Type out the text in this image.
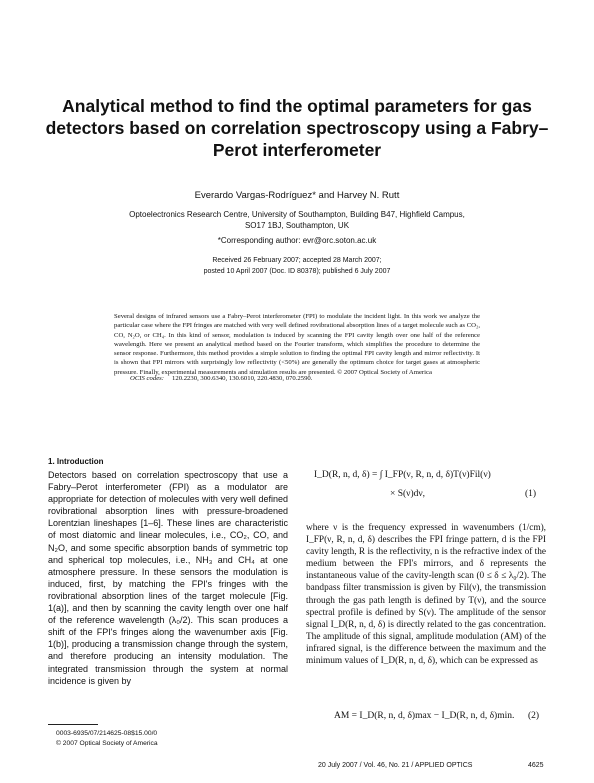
Analytical method to find the optimal parameters for gas detectors based on correlation spectroscopy using a Fabry–Perot interferometer
Everardo Vargas-Rodríguez* and Harvey N. Rutt
Optoelectronics Research Centre, University of Southampton, Building B47, Highfield Campus,
SO17 1BJ, Southampton, UK
*Corresponding author: evr@orc.soton.ac.uk
Received 26 February 2007; accepted 28 March 2007;
posted 10 April 2007 (Doc. ID 80378); published 6 July 2007

Several designs of infrared sensors use a Fabry–Perot interferometer (FPI) to modulate the incident light. In this work we analyze the particular case where the FPI fringes are matched with very well defined rovibrational absorption lines of a target molecule such as CO₂, CO, N₂O, or CH₄. In this kind of sensor, modulation is induced by scanning the FPI cavity length over one half of the reference wavelength. Here we present an analytical method based on the Fourier transform, which simplifies the procedure to determine the sensor response. Furthermore, this method provides a simple solution to finding the optimal FPI cavity length and mirror reflectivity. It is shown that FPI mirrors with surprisingly low reflectivity (<50%) are generally the optimum choice for target gases at atmospheric pressure. Finally, experimental measurements and simulation results are presented. © 2007 Optical Society of America

OCIS codes: 120.2230, 300.6340, 130.6010, 220.4830, 070.2590.
1. Introduction

Detectors based on correlation spectroscopy that use a Fabry–Perot interferometer (FPI) as a modulator are appropriate for detection of molecules with very well defined rovibrational absorption lines with pressure-broadened Lorentzian lineshapes [1–6]. These lines are characteristic of most diatomic and linear molecules, i.e., CO₂, CO, and N₂O, and some specific absorption bands of symmetric top and spherical top molecules, i.e., NH₃ and CH₄ at one atmosphere pressure. In these sensors the modulation is induced, first, by matching the FPI's fringes with the rovibrational absorption lines of the target molecule [Fig. 1(a)], and then by scanning the cavity length over one half of the reference wavelength (λ₀/2). This scan produces a shift of the FPI's fringes along the wavenumber axis [Fig. 1(b)], producing a transmission change through the system, and therefore producing an intensity modulation. The integrated transmission through the system at normal incidence is given by

I_D(R, n, d, δ) = ∫ I_FP(ν, R, n, d, δ)T(ν)Fil(ν)
× S(ν)dν,	(1)

where ν is the frequency expressed in wavenumbers (1/cm), I_FP(ν, R, n, d, δ) describes the FPI fringe pattern, d is the FPI cavity length, R is the reflectivity, n is the refractive index of the medium between the FPI's mirrors, and δ represents the instantaneous value of the cavity-length scan (0 ≤ δ ≤ λ₀/2). The bandpass filter transmission is given by Fil(ν), the transmission through the gas path length is defined by T(ν), and the source spectral profile is defined by S(ν). The amplitude of the sensor signal I_D(R, n, d, δ) is directly related to the gas concentration. The amplitude of this signal, amplitude modulation (AM) of the infrared signal, is the difference between the maximum and the minimum values of I_D(R, n, d, δ), which can be expressed as

AM = I_D(R, n, d, δ)max − I_D(R, n, d, δ)min. (2)
0003-6935/07/214625-08$15.00/0
© 2007 Optical Society of America
20 July 2007 / Vol. 46, No. 21 / APPLIED OPTICS	4625
